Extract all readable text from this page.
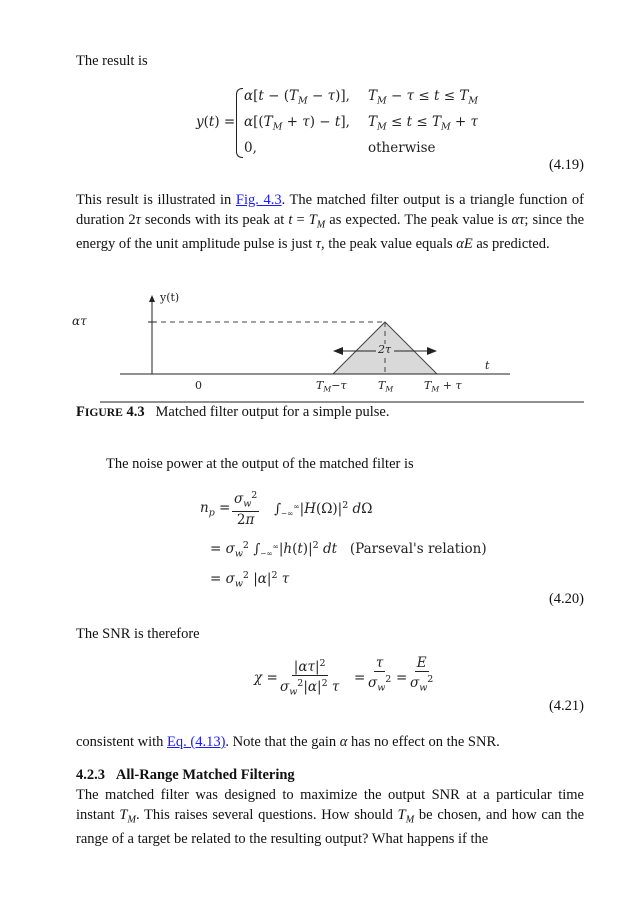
The result is

y(t) =
$\alpha[t - (T_M - \tau)]$, $T_M - \tau \le t \le T_M$
$\alpha[(T_M + \tau) - t]$, $T_M \le t \le T_M + \tau$
0,	otherwise
(4.19)

This result is illustrated in Fig. 4.3. The matched filter output is a triangle function of duration 2τ seconds with its peak at $t = T_M$ as expected. The peak value is ατ; since the energy of the unit amplitude pulse is just τ, the peak value equals αE as predicted.

y(t)
ατ
2τ
t
0	$T_M-\tau$	$T_M$	$T_M + \tau$
FIGURE 4.3 Matched filter output for a simple pulse.

The noise power at the output of the matched filter is

$n_p = \frac{\sigma_w^2}{2\pi} \int_{-\infty}^\infty|H(\Omega)|^2$ dΩ
= $\sigma_w^2$ $\int_{-\infty}^\infty|h(t)|^2$ dt (Parseval's relation)
= $\sigma_w^2$ $|\alpha|^2$ τ
(4.20)

The SNR is therefore

$\chi = \frac{|\alpha\tau|^2}{\sigma_w^2|\alpha|^2 \tau} = \frac{\tau}{\sigma_w^2} = \frac{E}{\sigma_w^2}$
(4.21)

consistent with Eq. (4.13). Note that the gain α has no effect on the SNR.

4.2.3 All-Range Matched Filtering

The matched filter was designed to maximize the output SNR at a particular time instant $T_M$. This raises several questions. How should $T_M$ be chosen, and how can the range of a target be related to the resulting output? What happens if the
